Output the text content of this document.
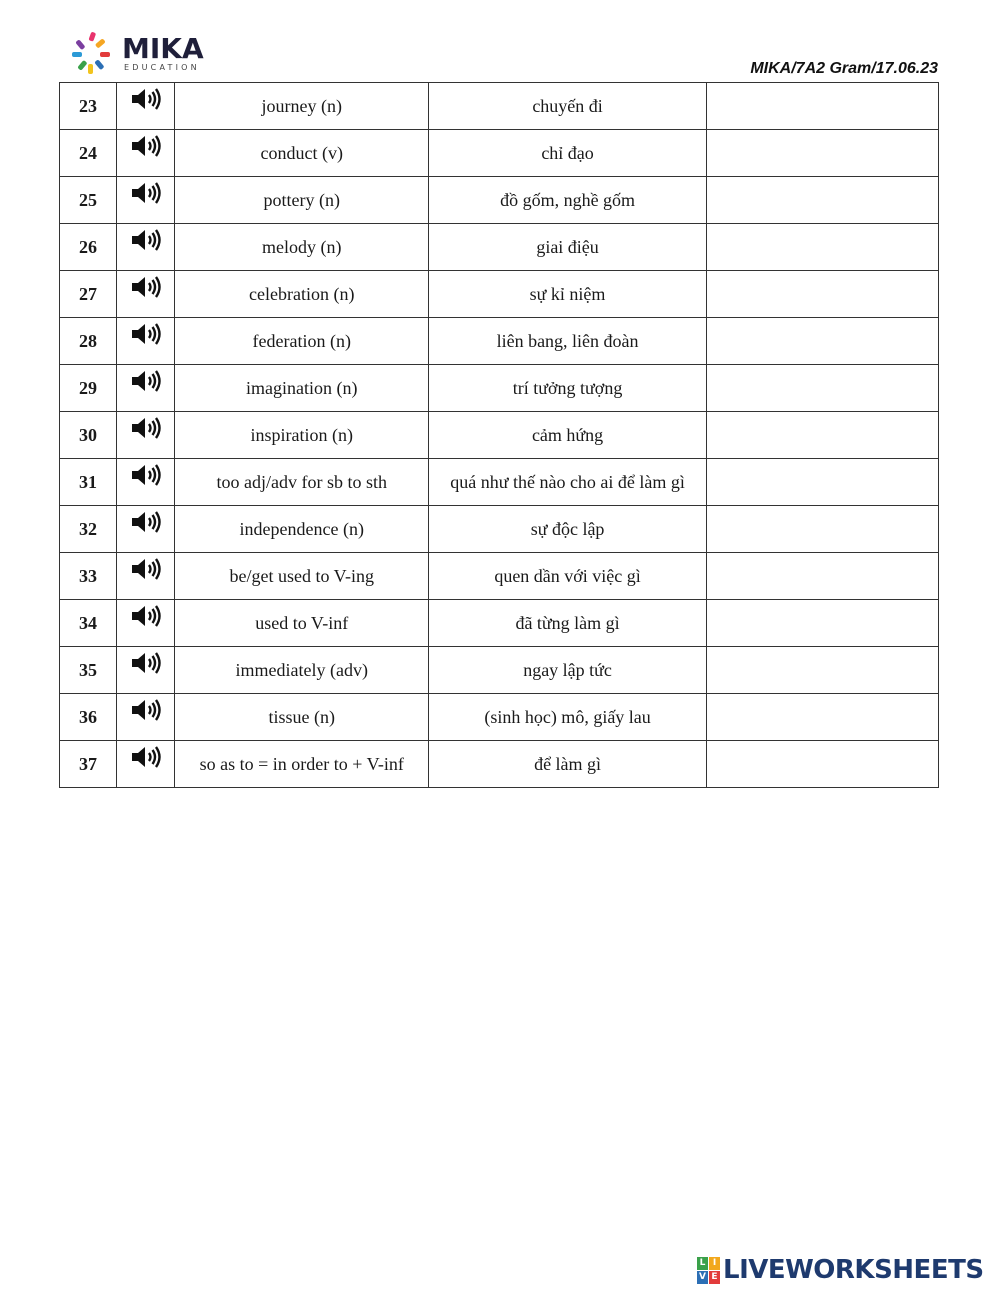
MIKA
EDUCATION	MIKA/7A2 Gram/17.06.23
23		journey (n)	chuyến đi	
24		conduct (v)	chỉ đạo	
25		pottery (n)	đồ gốm, nghề gốm	
26		melody (n)	giai điệu	
27		celebration (n)	sự kỉ niệm	
28		federation (n)	liên bang, liên đoàn	
29		imagination (n)	trí tưởng tượng	
30		inspiration (n)	cảm hứng	
31		too adj/adv for sb to sth	quá như thế nào cho ai để làm gì	
32		independence (n)	sự độc lập	
33		be/get used to V-ing	quen dần với việc gì	
34		used to V-inf	đã từng làm gì	
35		immediately (adv)	ngay lập tức	
36		tissue (n)	(sinh học) mô, giấy lau	
37		so as to = in order to + V-inf	để làm gì	
L I
V E LIVEWORKSHEETS
